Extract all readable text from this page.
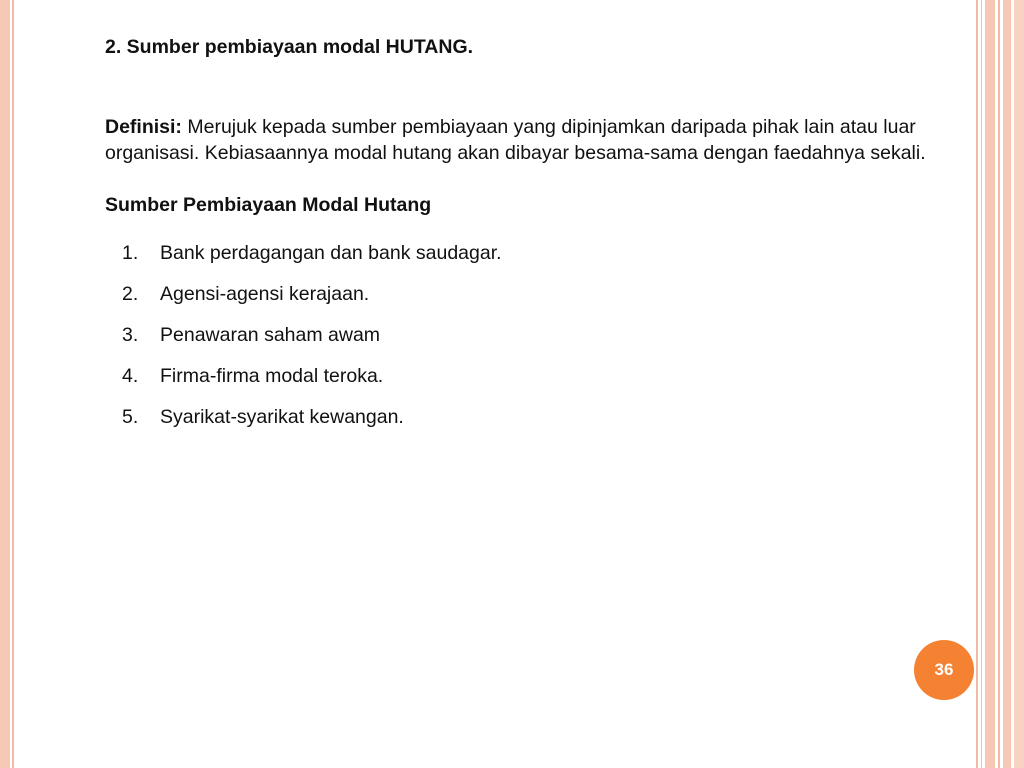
2. Sumber pembiayaan modal HUTANG.

Definisi: Merujuk kepada sumber pembiayaan yang dipinjamkan daripada pihak lain atau luar organisasi. Kebiasaannya modal hutang akan dibayar besama-sama dengan faedahnya sekali.

Sumber Pembiayaan Modal Hutang
1. Bank perdagangan dan bank saudagar.
2. Agensi-agensi kerajaan.
3. Penawaran saham awam
4. Firma-firma modal teroka.
5. Syarikat-syarikat kewangan.
36
